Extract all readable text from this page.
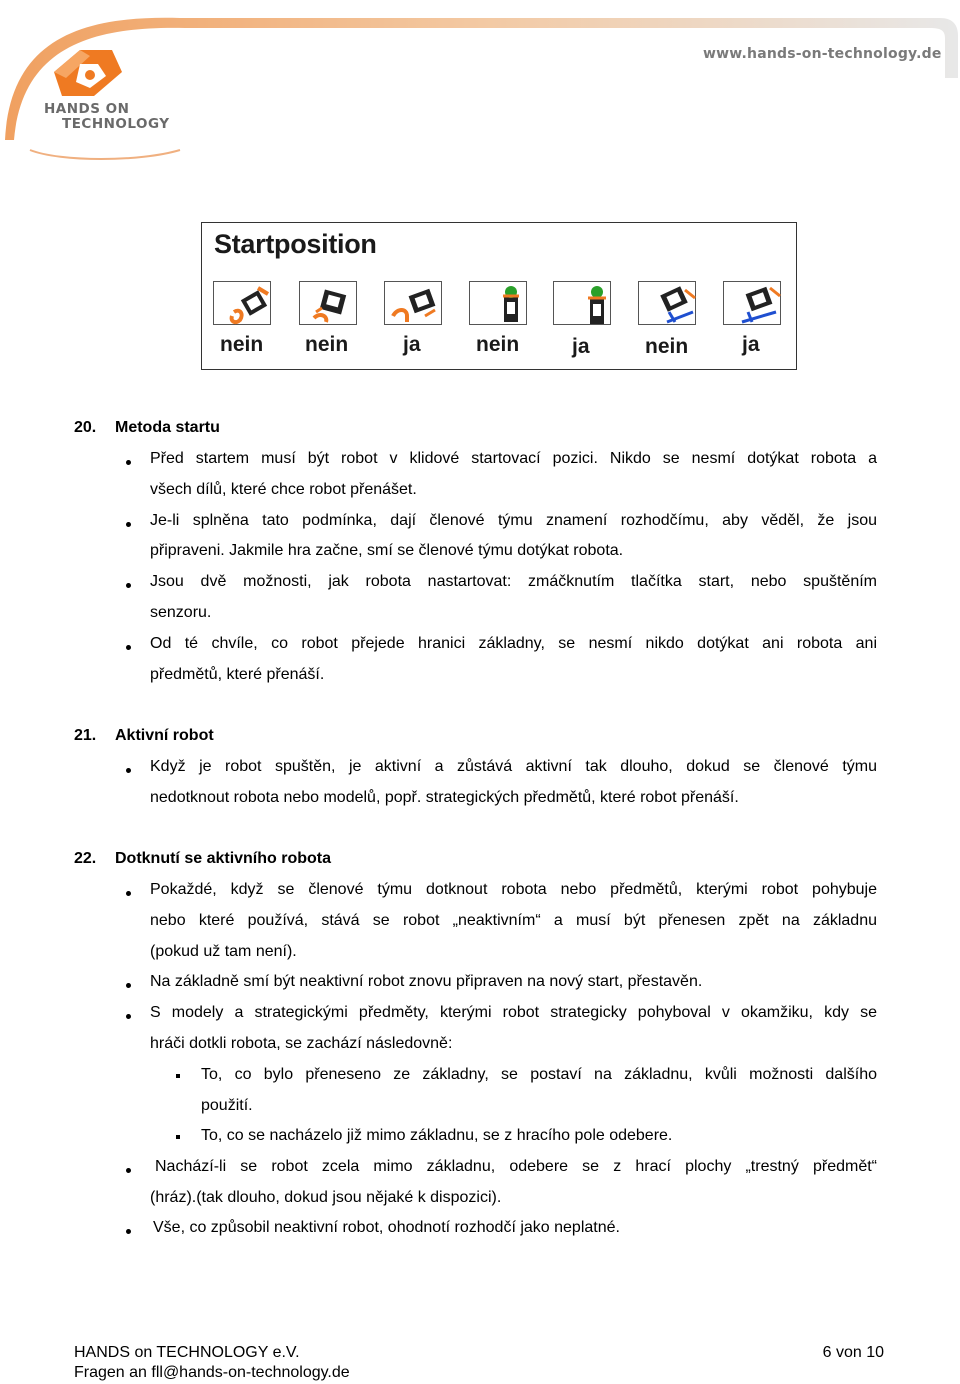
HANDS ON
TECHNOLOGY
www.hands-on-technology.de
Startposition
nein nein	ja	nein	ja	nein	ja
20. Metoda startu
Před startem musí být robot v klidové startovací pozici. Nikdo se nesmí dotýkat robota a
všech dílů, které chce robot přenášet.
Je-li splněna tato podmínka, dají členové týmu znamení rozhodčímu, aby věděl, že jsou
připraveni. Jakmile hra začne, smí se členové týmu dotýkat robota.
Jsou dvě možnosti, jak robota nastartovat: zmáčknutím tlačítka start, nebo spuštěním
senzoru.
Od té chvíle, co robot přejede hranici základny, se nesmí nikdo dotýkat ani robota ani
předmětů, které přenáší.
21. Aktivní robot
Když je robot spuštěn, je aktivní a zůstává aktivní tak dlouho, dokud se členové týmu
nedotknout robota nebo modelů, popř. strategických předmětů, které robot přenáší.
22. Dotknutí se aktivního robota
Pokaždé, když se členové týmu dotknout robota nebo předmětů, kterými robot pohybuje
nebo které používá, stává se robot „neaktivním“ a musí být přenesen zpět na základnu
(pokud už tam není).
Na základně smí být neaktivní robot znovu připraven na nový start, přestavěn.
S modely a strategickými předměty, kterými robot strategicky pohyboval v okamžiku, kdy se
hráči dotkli robota, se zachází následovně:
To, co bylo přeneseno ze základny, se postaví na základnu, kvůli možnosti dalšího
použití.
To, co se nacházelo již mimo základnu, se z hracího pole odebere.
Nachází-li se robot zcela mimo základnu, odebere se z hrací plochy „trestný předmět“
(hráz).(tak dlouho, dokud jsou nějaké k dispozici).
Vše, co způsobil neaktivní robot, ohodnotí rozhodčí jako neplatné.
HANDS on TECHNOLOGY e.V.
Fragen an fll@hands-on-technology.de
6 von 10
